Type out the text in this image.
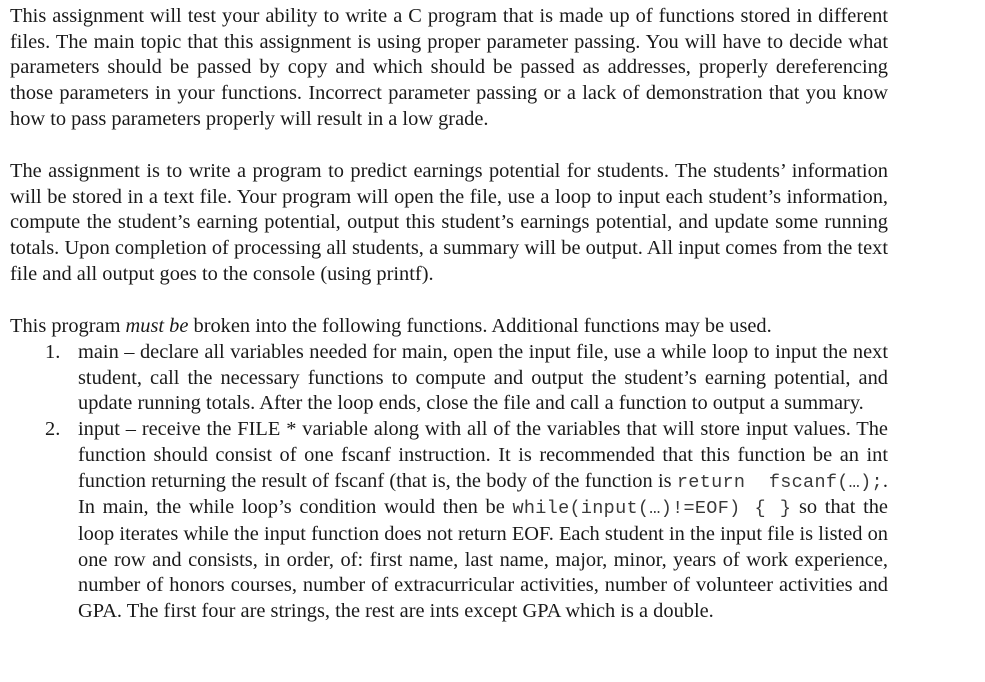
This assignment will test your ability to write a C program that is made up of functions stored in different files. The main topic that this assignment is using proper parameter passing. You will have to decide what parameters should be passed by copy and which should be passed as addresses, properly dereferencing those parameters in your functions. Incorrect parameter passing or a lack of demonstration that you know how to pass parameters properly will result in a low grade.

The assignment is to write a program to predict earnings potential for students. The students’ information will be stored in a text file. Your program will open the file, use a loop to input each student’s information, compute the student’s earning potential, output this student’s earnings potential, and update some running totals. Upon completion of processing all students, a summary will be output. All input comes from the text file and all output goes to the console (using printf).

This program must be broken into the following functions. Additional functions may be used.

1. main – declare all variables needed for main, open the input file, use a while loop to input the next student, call the necessary functions to compute and output the student’s earning potential, and update running totals. After the loop ends, close the file and call a function to output a summary.
2. input – receive the FILE * variable along with all of the variables that will store input values. The function should consist of one fscanf instruction. It is recommended that this function be an int function returning the result of fscanf (that is, the body of the function is return fscanf(…);. In main, the while loop’s condition would then be while(input(…)!=EOF) { } so that the loop iterates while the input function does not return EOF. Each student in the input file is listed on one row and consists, in order, of: first name, last name, major, minor, years of work experience, number of honors courses, number of extracurricular activities, number of volunteer activities and GPA. The first four are strings, the rest are ints except GPA which is a double.
